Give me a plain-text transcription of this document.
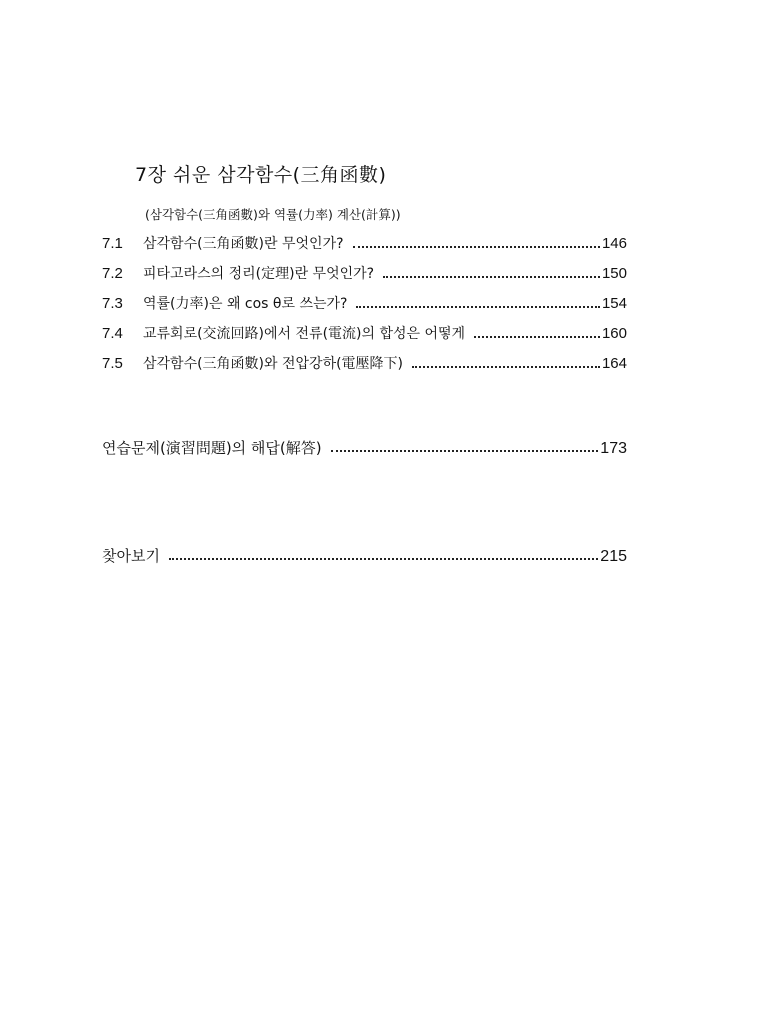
7장 쉬운 삼각함수(三角函數)
(삼각함수(三角函數)와 역률(力率) 계산(計算))
7.1	삼각함수(三角函數)란 무엇인가?	146
7.2	피타고라스의 정리(定理)란 무엇인가?	150
7.3	역률(力率)은 왜 cos θ로 쓰는가?	154
7.4	교류회로(交流回路)에서 전류(電流)의 합성은 어떻게	160
7.5	삼각함수(三角函數)와 전압강하(電壓降下)	164
연습문제(演習問題)의 해답(解答)	173
찾아보기	215
